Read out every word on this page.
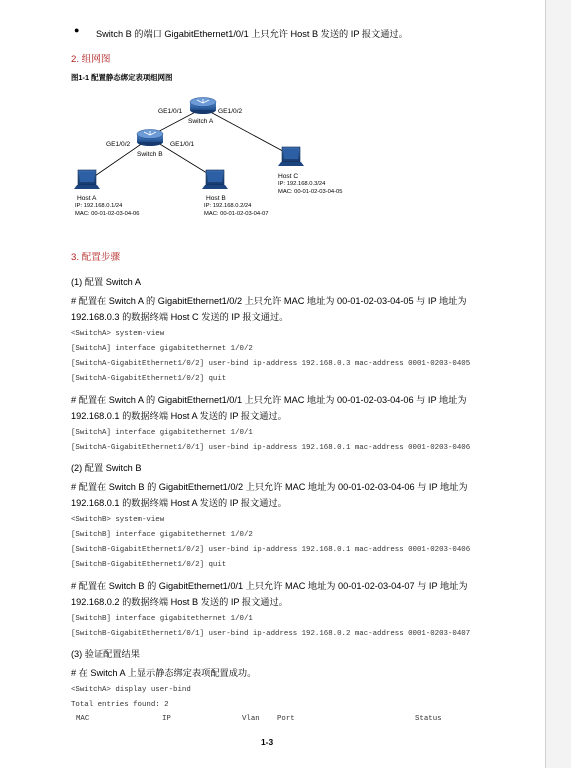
● Switch B 的端口 GigabitEthernet1/0/1 上只允许 Host B 发送的 IP 报文通过。
2. 组网图
图1-1 配置静态绑定表项组网图
GE1/0/1	GE1/0/2
Switch A
GE1/0/2	GE1/0/1
Switch B
Host A
IP: 192.168.0.1/24
MAC: 00-01-02-03-04-06
Host B
IP: 192.168.0.2/24
MAC: 00-01-02-03-04-07
Host C
IP: 192.168.0.3/24
MAC: 00-01-02-03-04-05
3. 配置步骤
(1) 配置 Switch A
# 配置在 Switch A 的 GigabitEthernet1/0/2 上只允许 MAC 地址为 00-01-02-03-04-05 与 IP 地址为
192.168.0.3 的数据终端 Host C 发送的 IP 报文通过。
<SwitchA> system-view
[SwitchA] interface gigabitethernet 1/0/2
[SwitchA-GigabitEthernet1/0/2] user-bind ip-address 192.168.0.3 mac-address 0001-0203-0405
[SwitchA-GigabitEthernet1/0/2] quit
# 配置在 Switch A 的 GigabitEthernet1/0/1 上只允许 MAC 地址为 00-01-02-03-04-06 与 IP 地址为
192.168.0.1 的数据终端 Host A 发送的 IP 报文通过。
[SwitchA] interface gigabitethernet 1/0/1
[SwitchA-GigabitEthernet1/0/1] user-bind ip-address 192.168.0.1 mac-address 0001-0203-0406
(2) 配置 Switch B
# 配置在 Switch B 的 GigabitEthernet1/0/2 上只允许 MAC 地址为 00-01-02-03-04-06 与 IP 地址为
192.168.0.1 的数据终端 Host A 发送的 IP 报文通过。
<SwitchB> system-view
[SwitchB] interface gigabitethernet 1/0/2
[SwitchB-GigabitEthernet1/0/2] user-bind ip-address 192.168.0.1 mac-address 0001-0203-0406
[SwitchB-GigabitEthernet1/0/2] quit
# 配置在 Switch B 的 GigabitEthernet1/0/1 上只允许 MAC 地址为 00-01-02-03-04-07 与 IP 地址为
192.168.0.2 的数据终端 Host B 发送的 IP 报文通过。
[SwitchB] interface gigabitethernet 1/0/1
[SwitchB-GigabitEthernet1/0/1] user-bind ip-address 192.168.0.2 mac-address 0001-0203-0407
(3) 验证配置结果
# 在 Switch A 上显示静态绑定表项配置成功。
<SwitchA> display user-bind
Total entries found: 2
MAC	IP	Vlan Port	Status
1-3
